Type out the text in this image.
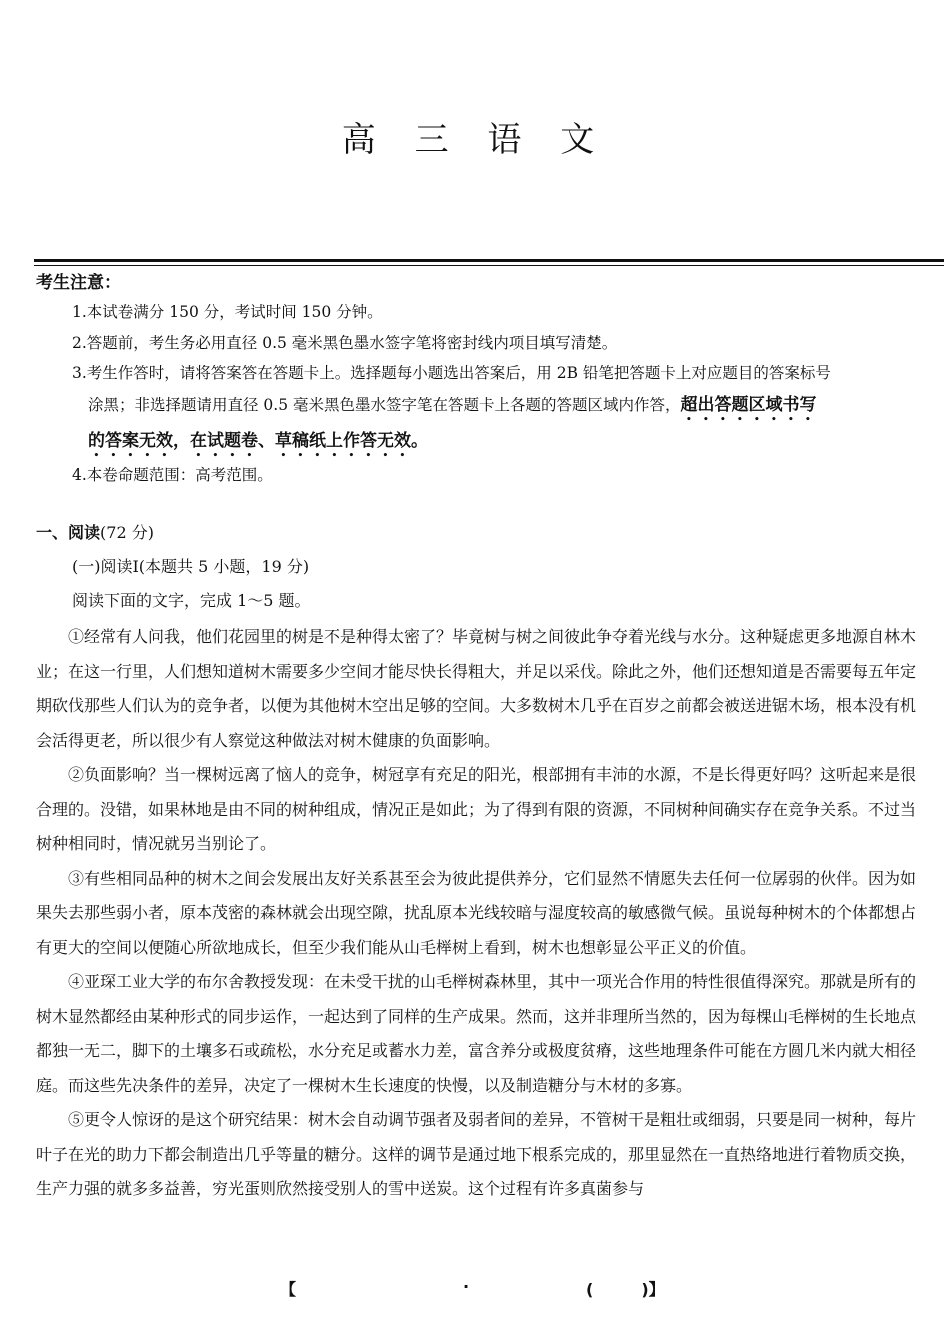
高 三 语 文
考生注意：
1.本试卷满分 150 分，考试时间 150 分钟。
2.答题前，考生务必用直径 0.5 毫米黑色墨水签字笔将密封线内项目填写清楚。
3.考生作答时，请将答案答在答题卡上。选择题每小题选出答案后，用 2B 铅笔把答题卡上对应题目的答案标号
涂黑；非选择题请用直径 0.5 毫米黑色墨水签字笔在答题卡上各题的答题区域内作答，超出答题区域书写
的答案无效，在试题卷、草稿纸上作答无效。
4.本卷命题范围：高考范围。
一、阅读(72 分)
(一)阅读Ⅰ(本题共 5 小题，19 分)
阅读下面的文字，完成 1～5 题。

①经常有人问我，他们花园里的树是不是种得太密了？毕竟树与树之间彼此争夺着光线与水分。这种疑虑更多地源自林木业；在这一行里，人们想知道树木需要多少空间才能尽快长得粗大，并足以采伐。除此之外，他们还想知道是否需要每五年定期砍伐那些人们认为的竞争者，以便为其他树木空出足够的空间。大多数树木几乎在百岁之前都会被送进锯木场，根本没有机会活得更老，所以很少有人察觉这种做法对树木健康的负面影响。

②负面影响？当一棵树远离了恼人的竞争，树冠享有充足的阳光，根部拥有丰沛的水源，不是长得更好吗？这听起来是很合理的。没错，如果林地是由不同的树种组成，情况正是如此；为了得到有限的资源，不同树种间确实存在竞争关系。不过当树种相同时，情况就另当别论了。

③有些相同品种的树木之间会发展出友好关系甚至会为彼此提供养分，它们显然不情愿失去任何一位孱弱的伙伴。因为如果失去那些弱小者，原本茂密的森林就会出现空隙，扰乱原本光线较暗与湿度较高的敏感微气候。虽说每种树木的个体都想占有更大的空间以便随心所欲地成长，但至少我们能从山毛榉树上看到，树木也想彰显公平正义的价值。

④亚琛工业大学的布尔舍教授发现：在未受干扰的山毛榉树森林里，其中一项光合作用的特性很值得深究。那就是所有的树木显然都经由某种形式的同步运作，一起达到了同样的生产成果。然而，这并非理所当然的，因为每棵山毛榉树的生长地点都独一无二，脚下的土壤多石或疏松，水分充足或蓄水力差，富含养分或极度贫瘠，这些地理条件可能在方圆几米内就大相径庭。而这些先决条件的差异，决定了一棵树木生长速度的快慢，以及制造糖分与木材的多寡。

⑤更令人惊讶的是这个研究结果：树木会自动调节强者及弱者间的差异，不管树干是粗壮或细弱，只要是同一树种，每片叶子在光的助力下都会制造出几乎等量的糖分。这样的调节是通过地下根系完成的，那里显然在一直热络地进行着物质交换，生产力强的就多多益善，穷光蛋则欣然接受别人的雪中送炭。这个过程有许多真菌参与

【	·	(　　　)】
